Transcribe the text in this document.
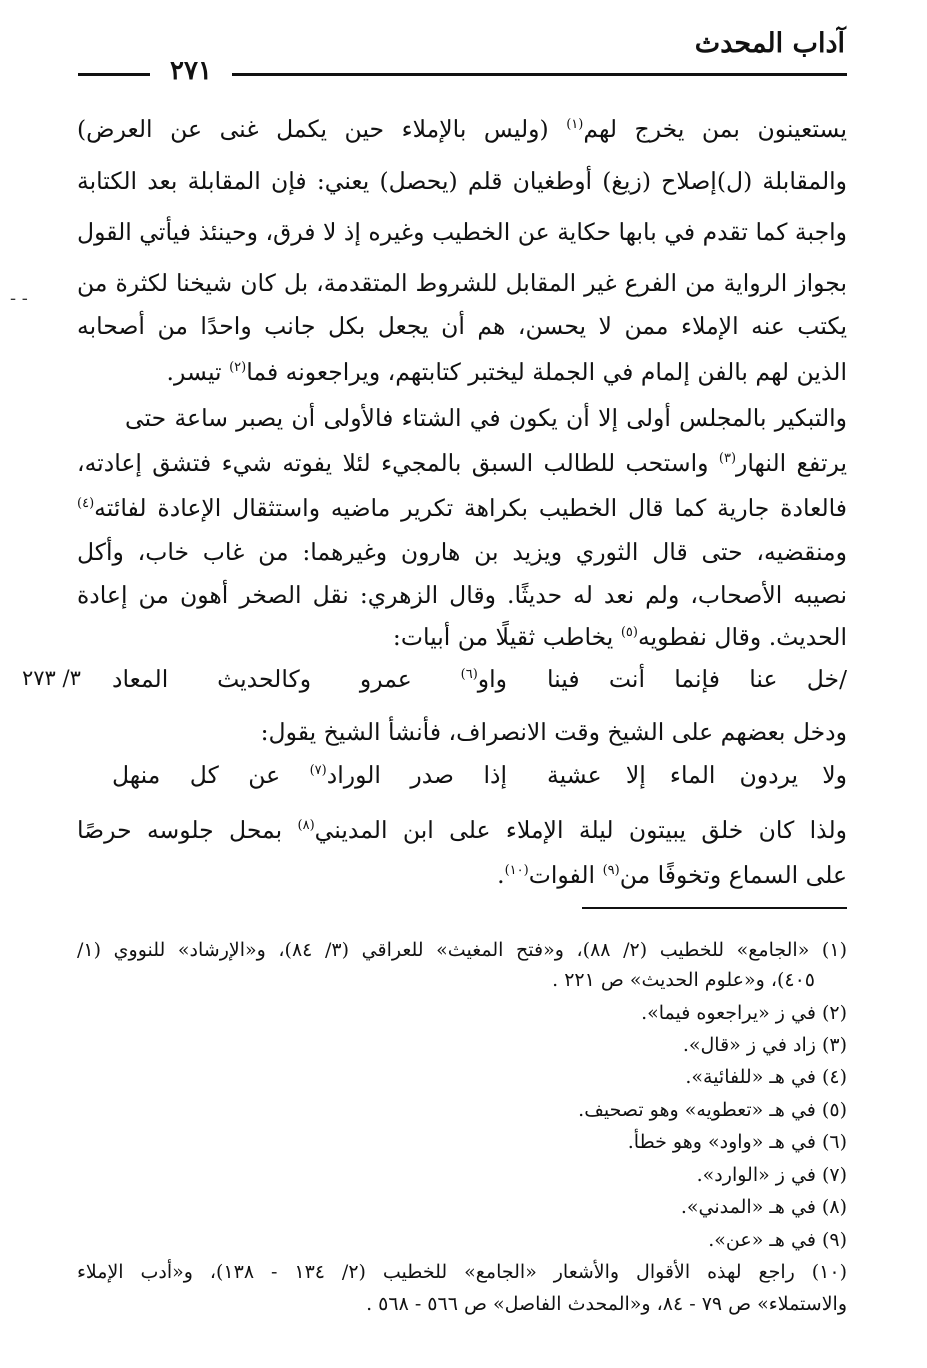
آداب المحدث
٢٧١
يستعينون بمن يخرج لهم$^{(١)}$ (وليس بالإملاء حين يكمل غنى عن العرض)
والمقابلة (ل)إصلاح (زيغ) أوطغيان قلم (يحصل) يعني: فإن المقابلة بعد الكتابة
واجبة كما تقدم في بابها حكاية عن الخطيب وغيره إذ لا فرق، وحينئذ فيأتي القول
بجواز الرواية من الفرع غير المقابل للشروط المتقدمة، بل كان شيخنا لكثرة من
يكتب عنه الإملاء ممن لا يحسن، هم أن يجعل بكل جانب واحدًا من أصحابه
الذين لهم بالفن إلمام في الجملة ليختبر كتابتهم، ويراجعونه فما$^{(٢)}$ تيسر.
والتبكير بالمجلس أولى إلا أن يكون في الشتاء فالأولى أن يصبر ساعة حتى
يرتفع النهار$^{(٣)}$ واستحب للطالب السبق بالمجيء لئلا يفوته شيء فتشق إعادته،
فالعادة جارية كما قال الخطيب بكراهة تكرير ماضيه واستثقال الإعادة لفائته$^{(٤)}$
ومنقضيه، حتى قال الثوري ويزيد بن هارون وغيرهما: من غاب خاب، وأكل
نصيبه الأصحاب، ولم نعد له حديثًا. وقال الزهري: نقل الصخر أهون من إعادة
الحديث. وقال نفطويه$^{(٥)}$ يخاطب ثقيلًا من أبيات:
- -
/خل عنا فإنما أنت فينا
واو$^{(٦)}$ عمرو وكالحديث المعاد
٣/ ٢٧٣
ودخل بعضهم على الشيخ وقت الانصراف، فأنشأ الشيخ يقول:
ولا يردون الماء إلا عشية
إذا صدر الوراد$^{(٧)}$ عن كل منهل
ولذا كان خلق يبيتون ليلة الإملاء على ابن المديني$^{(٨)}$ بمحل جلوسه حرصًا
على السماع وتخوفًا من$^{(٩)}$ الفوات$^{(١٠)}$.
(١) «الجامع» للخطيب (٢/ ٨٨)، و«فتح المغيث» للعراقي (٣/ ٨٤)، و«الإرشاد» للنووي (١/
٤٠٥)، و«علوم الحديث» ص ٢٢١ .
(٢) في ز «يراجعوه فيما».
(٣) زاد في ز «قال».
(٤) في هـ «للفائية».
(٥) في هـ «تعطويه» وهو تصحيف.
(٦) في هـ «واود» وهو خطأ.
(٧) في ز «الوارد».
(٨) في هـ «المدني».
(٩) في هـ «عن».
(١٠) راجع لهذه الأقوال والأشعار «الجامع» للخطيب (٢/ ١٣٤ - ١٣٨)، و«أدب الإملاء
والاستملاء» ص ٧٩ - ٨٤، و«المحدث الفاصل» ص ٥٦٦ - ٥٦٨ .
